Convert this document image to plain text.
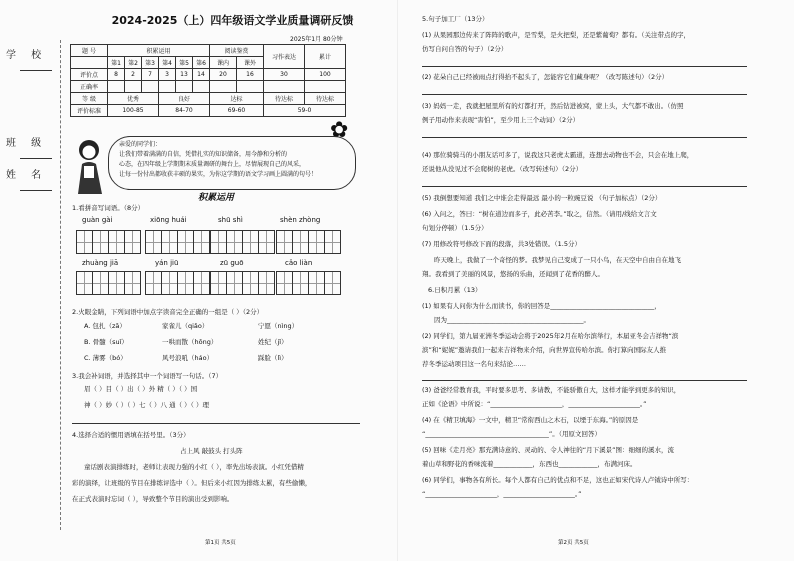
学 校
班 级
姓 名
2024-2025（上）四年级语文学业质量调研反馈
2025年1月 80分钟
题 号	积累运用						阅读鉴赏		习作表达	累计
	第1	第2	第3	第4	第5	第6	课内	课外		
评价点	8	2	7	3	13	14	20	16	30	100
正确率										
等 级	优秀			良好			达标		待达标	待达标
评价标准	100-85			84-70			69-60		59-0	
✿
亲爱的同学们：
让我们带着满满的自信，凭借扎实的知识储备，用今静和分析的
心态，在四年级上学期期末质量调研的舞台上，尽情展现自己的风采，
让每一份付出都收获丰硕的果实，为你这学期的语文学习画上圆满的句号！
积累运用
1.看拼音写词语。（8分）
guàn gài	xiōng huái	shū shì	shèn zhòng
zhuàng jiā	yán jiū	zū guō	cǎo liàn
2.火眼金睛，下列词语中加点字读音完全正确的一组是（ ）（2分）
A. 包扎（zā）	家雀儿（qiǎo）	宁愿（nìng）
B. 骨髓（suǐ）	一哄而散（hōng）	姓纪（jǐ）
C. 薄雾（bó）	风号浪吼（háo）	踩脸（lì）
3.我会补词语，并选择其中一个词语写一句话。（7）
眉（ ）目（ ）出（ ）外 精（ ）（ ）国
神（ ）妙（ ）（ ）七（ ）八 通（ ）（ ）理
4.选择合适的惯用语填在括号里。（3分）
占上风 敲鼓头 打头阵
童话剧表演排练时，老师让表现力强的小红（ ），率先出场表演。小红凭借精
彩的演绎，让班级的节目在排练评选中（ ）。但后来小红因为排练太累，有些偷懒，
在正式表演时忘词（ ），导致整个节目的演出受到影响。
第1页 共5页
5.句子加工厂（13分）
(1) 从果园那边传来了阵阵的歌声，是雪梨，是火把梨，还是紫葡萄？都有。（关注带点的字，
仿写自问自答的句子）（2分）
(2) 花朵自己已经被雨点打得抬不起头了，怎能容它们藏身呢？（改写陈述句）（2分）
(3) 妈妈一走，我就把屋里所有的灯都打开，然后钻进被窝，蒙上头，大气都不敢出。（仿照
例子用动作来表现“害怕”，至少用上三个动词）（2分）
(4) 那位骑骑马的小朋友话可多了，说我这只老虎太霸道，连想去动物也不会，只会在地上爬，
还说他从没见过不会爬树的老虎。（改写转述句）（2分）
(5) 我倒想要知道 我们之中谁会走得最远 最小的一粒豌豆说 （句子加标点）（2分）
(6) 入问之，答曰：“树在道边而多子，此必苦李。”取之，信然。（请用/线给文言文
句划分停顿）（1.5分）
(7) 用修改符号修改下面的段落，共3处错误。（1.5分）
昨天晚上，我做了一个奇怪的梦。我梦见自己变成了一只小鸟，在天空中自由自在地飞
翔。我看到了美丽的风景，悠扬的乐曲，还闻到了花香的醉人。
6.日积月累（13）
(1) 如果有人问你为什么而读书，你的回答是________________________________，
因为__________________________________________。
(2) 同学们，第九届亚洲冬季运动会将于2025年2月在哈尔滨举行，本届亚冬会吉祥物“滨
滨”和“妮妮”邀请我们一起来吉祥物来介绍，向世界宣传哈尔滨。你打算向国际友人推
荐冬季运动项目这一名句来结论……
(3) 爸爸经常教育我，平时要多思考、多请教，不能骄傲自大，这样才能学到更多的知识，
正如《论语》中所说：“______________________，______________________。”
(4) 在《精卫填海》一文中，精卫“常衔西山之木石，以堙于东海。”的原因是
“______________________________________”。（用原文回答）
(5) 回味《走月亮》那充满诗意的、灵动的、令人神往的“月下溪景”图：细细的溪水，流
着山草和野花的香味流着____________，东西也____________，布满河床。
(6) 同学们，事物各有所长。每个人都有自己的优点和不足，这也正如宋代诗人卢钺诗中所写：
“______________________，______________________。”
第2页 共5页
